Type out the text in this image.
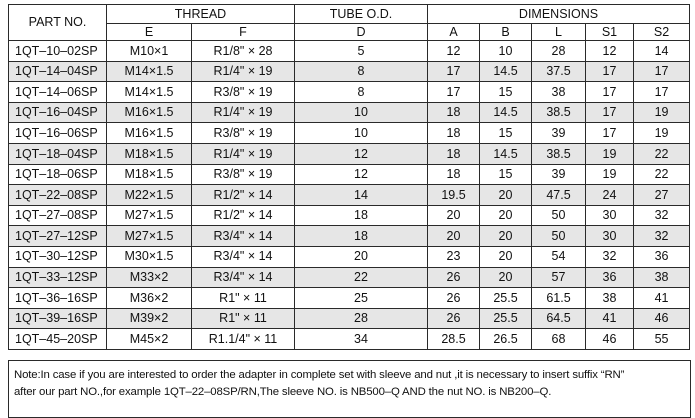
PART NO.	THREAD		TUBE O.D.	DIMENSIONS				
	E	F	D	A	B	L	S1	S2
1QT–10–02SP	M10×1	R1/8" × 28	5	12	10	28	12	14
1QT–14–04SP	M14×1.5	R1/4" × 19	8	17	14.5	37.5	17	17
1QT–14–06SP	M14×1.5	R3/8" × 19	8	17	15	38	17	17
1QT–16–04SP	M16×1.5	R1/4" × 19	10	18	14.5	38.5	17	19
1QT–16–06SP	M16×1.5	R3/8" × 19	10	18	15	39	17	19
1QT–18–04SP	M18×1.5	R1/4" × 19	12	18	14.5	38.5	19	22
1QT–18–06SP	M18×1.5	R3/8" × 19	12	18	15	39	19	22
1QT–22–08SP	M22×1.5	R1/2" × 14	14	19.5	20	47.5	24	27
1QT–27–08SP	M27×1.5	R1/2" × 14	18	20	20	50	30	32
1QT–27–12SP	M27×1.5	R3/4" × 14	18	20	20	50	30	32
1QT–30–12SP	M30×1.5	R3/4" × 14	20	23	20	54	32	36
1QT–33–12SP	M33×2	R3/4" × 14	22	26	20	57	36	38
1QT–36–16SP	M36×2	R1" × 11	25	26	25.5	61.5	38	41
1QT–39–16SP	M39×2	R1" × 11	28	26	25.5	64.5	41	46
1QT–45–20SP	M45×2	R1.1/4" × 11	34	28.5	26.5	68	46	55
Note:In case if you are interested to order the adapter in complete set with sleeve and nut ,it is necessary to insert suffix “RN”
after our part NO.,for example 1QT–22–08SP/RN,The sleeve NO. is NB500–Q AND the nut NO. is NB200–Q.
